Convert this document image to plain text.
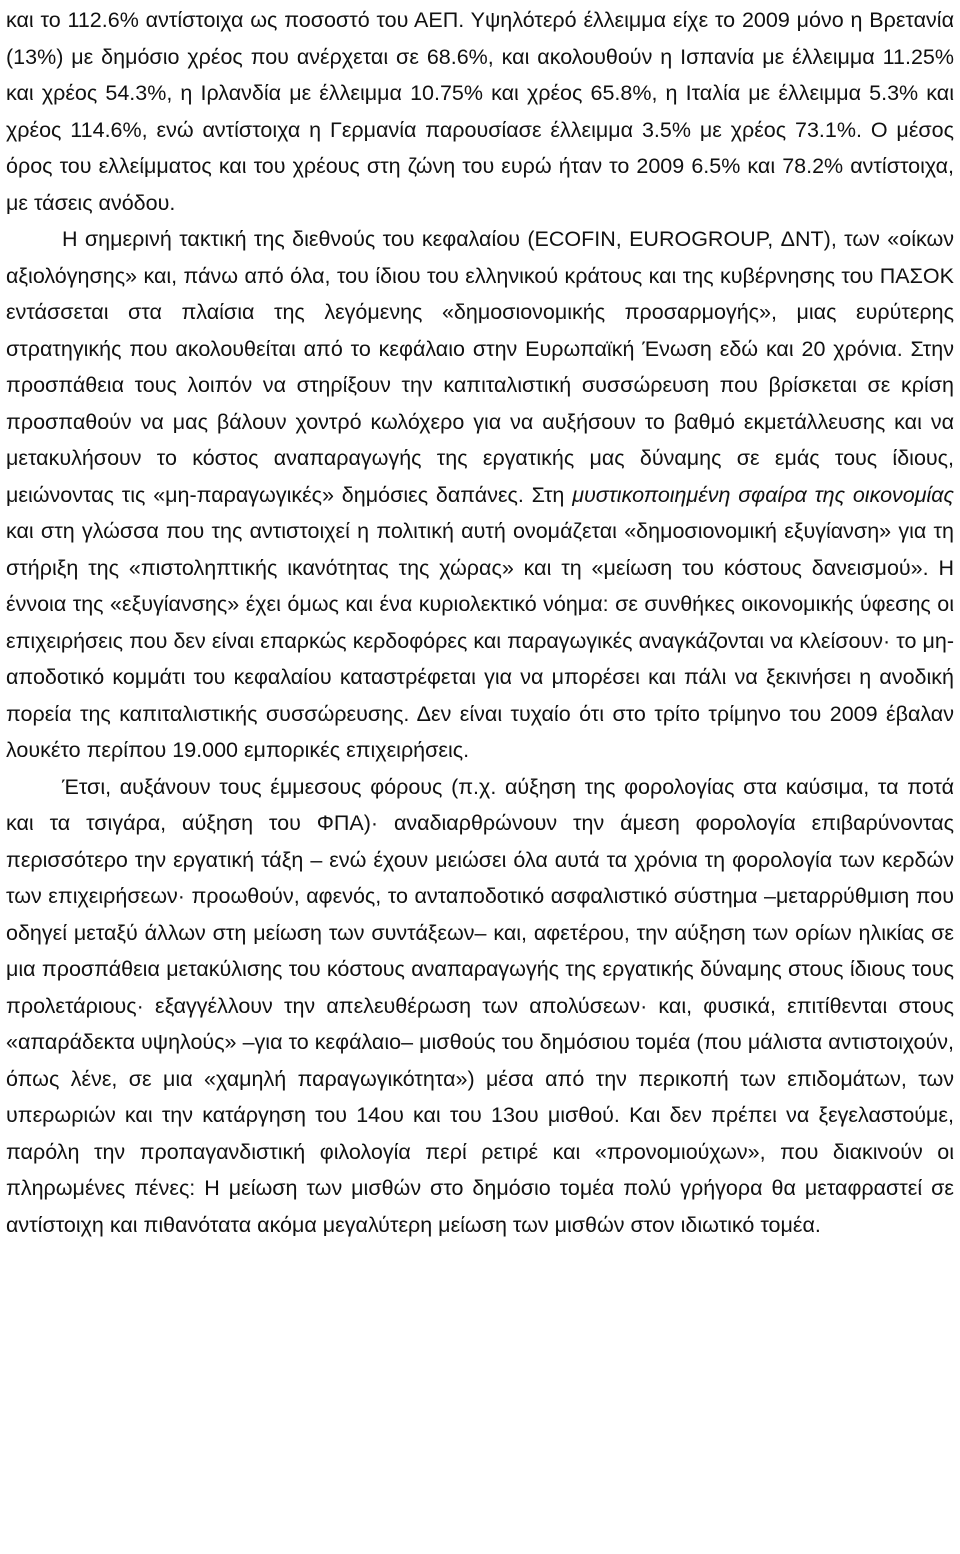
και το 112.6% αντίστοιχα ως ποσοστό του ΑΕΠ. Υψηλότερό έλλειμμα είχε το 2009 μόνο η Βρετανία (13%) με δημόσιο χρέος που ανέρχεται σε 68.6%, και ακολουθούν η Ισπανία με έλλειμμα 11.25% και χρέος 54.3%, η Ιρλανδία με έλλειμμα 10.75% και χρέος 65.8%, η Ιταλία με έλλειμμα 5.3% και χρέος 114.6%, ενώ αντίστοιχα η Γερμανία παρουσίασε έλλειμμα 3.5% με χρέος 73.1%. Ο μέσος όρος του ελλείμματος και του χρέους στη ζώνη του ευρώ ήταν το 2009 6.5% και 78.2% αντίστοιχα, με τάσεις ανόδου.

Η σημερινή τακτική της διεθνούς του κεφαλαίου (ECOFIN, EUROGROUP, ΔΝΤ), των «οίκων αξιολόγησης» και, πάνω από όλα, του ίδιου του ελληνικού κράτους και της κυβέρνησης του ΠΑΣΟΚ εντάσσεται στα πλαίσια της λεγόμενης «δημοσιονομικής προσαρμογής», μιας ευρύτερης στρατηγικής που ακολουθείται από το κεφάλαιο στην Ευρωπαϊκή Ένωση εδώ και 20 χρόνια. Στην προσπάθεια τους λοιπόν να στηρίξουν την καπιταλιστική συσσώρευση που βρίσκεται σε κρίση προσπαθούν να μας βάλουν χοντρό κωλόχερο για να αυξήσουν το βαθμό εκμετάλλευσης και να μετακυλήσουν το κόστος αναπαραγωγής της εργατικής μας δύναμης σε εμάς τους ίδιους, μειώνοντας τις «μη-παραγωγικές» δημόσιες δαπάνες. Στη μυστικοποιημένη σφαίρα της οικονομίας και στη γλώσσα που της αντιστοιχεί η πολιτική αυτή ονομάζεται «δημοσιονομική εξυγίανση» για τη στήριξη της «πιστοληπτικής ικανότητας της χώρας» και τη «μείωση του κόστους δανεισμού». Η έννοια της «εξυγίανσης» έχει όμως και ένα κυριολεκτικό νόημα: σε συνθήκες οικονομικής ύφεσης οι επιχειρήσεις που δεν είναι επαρκώς κερδοφόρες και παραγωγικές αναγκάζονται να κλείσουν· το μη-αποδοτικό κομμάτι του κεφαλαίου καταστρέφεται για να μπορέσει και πάλι να ξεκινήσει η ανοδική πορεία της καπιταλιστικής συσσώρευσης. Δεν είναι τυχαίο ότι στο τρίτο τρίμηνο του 2009 έβαλαν λουκέτο περίπου 19.000 εμπορικές επιχειρήσεις.

Έτσι, αυξάνουν τους έμμεσους φόρους (π.χ. αύξηση της φορολογίας στα καύσιμα, τα ποτά και τα τσιγάρα, αύξηση του ΦΠΑ)· αναδιαρθρώνουν την άμεση φορολογία επιβαρύνοντας περισσότερο την εργατική τάξη – ενώ έχουν μειώσει όλα αυτά τα χρόνια τη φορολογία των κερδών των επιχειρήσεων· προωθούν, αφενός, το ανταποδοτικό ασφαλιστικό σύστημα –μεταρρύθμιση που οδηγεί μεταξύ άλλων στη μείωση των συντάξεων– και, αφετέρου, την αύξηση των ορίων ηλικίας σε μια προσπάθεια μετακύλισης του κόστους αναπαραγωγής της εργατικής δύναμης στους ίδιους τους προλετάριους· εξαγγέλλουν την απελευθέρωση των απολύσεων· και, φυσικά, επιτίθενται στους «απαράδεκτα υψηλούς» –για το κεφάλαιο– μισθούς του δημόσιου τομέα (που μάλιστα αντιστοιχούν, όπως λένε, σε μια «χαμηλή παραγωγικότητα») μέσα από την περικοπή των επιδομάτων, των υπερωριών και την κατάργηση του 14ου και του 13ου μισθού. Και δεν πρέπει να ξεγελαστούμε, παρόλη την προπαγανδιστική φιλολογία περί ρετιρέ και «προνομιούχων», που διακινούν οι πληρωμένες πένες: Η μείωση των μισθών στο δημόσιο τομέα πολύ γρήγορα θα μεταφραστεί σε αντίστοιχη και πιθανότατα ακόμα μεγαλύτερη μείωση των μισθών στον ιδιωτικό τομέα.
